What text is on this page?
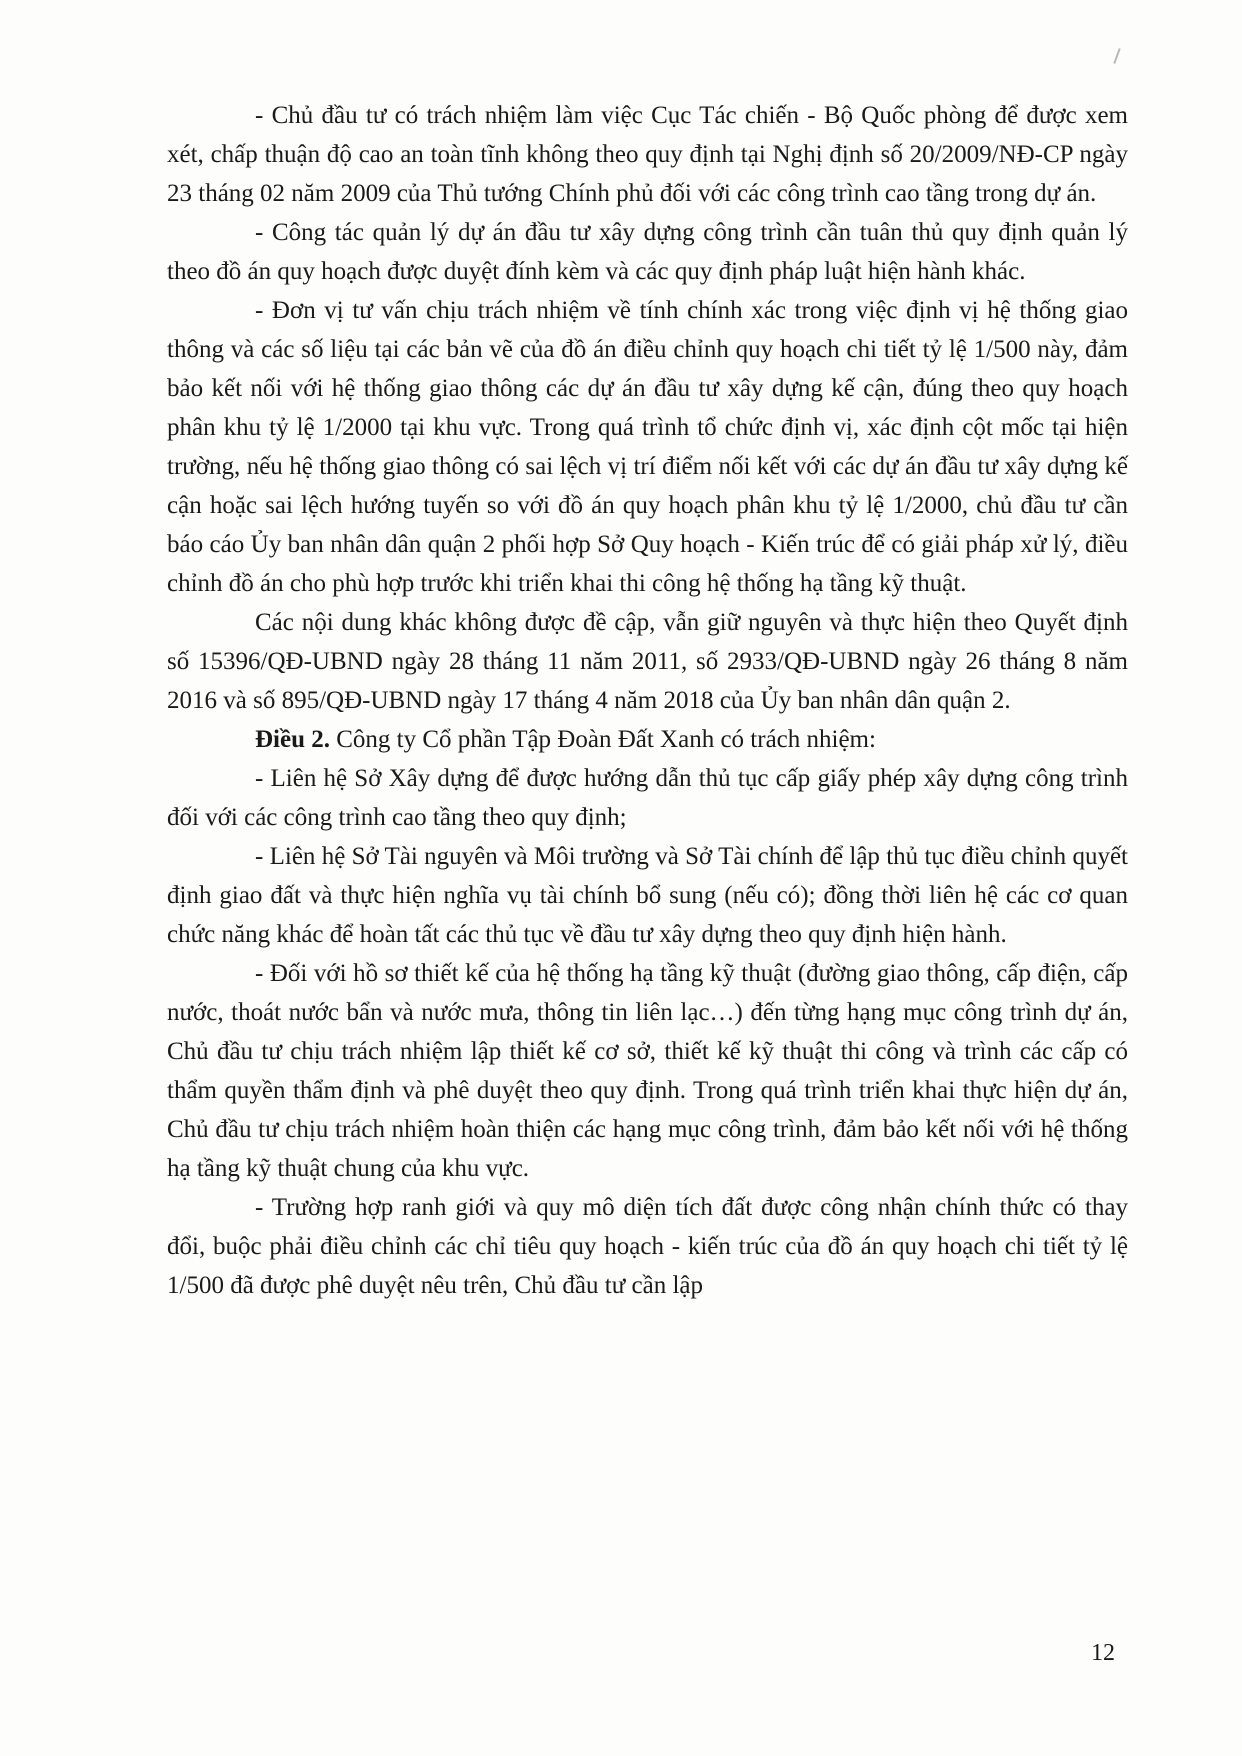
- Chủ đầu tư có trách nhiệm làm việc Cục Tác chiến - Bộ Quốc phòng để được xem xét, chấp thuận độ cao an toàn tĩnh không theo quy định tại Nghị định số 20/2009/NĐ-CP ngày 23 tháng 02 năm 2009 của Thủ tướng Chính phủ đối với các công trình cao tầng trong dự án.

- Công tác quản lý dự án đầu tư xây dựng công trình cần tuân thủ quy định quản lý theo đồ án quy hoạch được duyệt đính kèm và các quy định pháp luật hiện hành khác.

- Đơn vị tư vấn chịu trách nhiệm về tính chính xác trong việc định vị hệ thống giao thông và các số liệu tại các bản vẽ của đồ án điều chỉnh quy hoạch chi tiết tỷ lệ 1/500 này, đảm bảo kết nối với hệ thống giao thông các dự án đầu tư xây dựng kế cận, đúng theo quy hoạch phân khu tỷ lệ 1/2000 tại khu vực. Trong quá trình tổ chức định vị, xác định cột mốc tại hiện trường, nếu hệ thống giao thông có sai lệch vị trí điểm nối kết với các dự án đầu tư xây dựng kế cận hoặc sai lệch hướng tuyến so với đồ án quy hoạch phân khu tỷ lệ 1/2000, chủ đầu tư cần báo cáo Ủy ban nhân dân quận 2 phối hợp Sở Quy hoạch - Kiến trúc để có giải pháp xử lý, điều chỉnh đồ án cho phù hợp trước khi triển khai thi công hệ thống hạ tầng kỹ thuật.

Các nội dung khác không được đề cập, vẫn giữ nguyên và thực hiện theo Quyết định số 15396/QĐ-UBND ngày 28 tháng 11 năm 2011, số 2933/QĐ-UBND ngày 26 tháng 8 năm 2016 và số 895/QĐ-UBND ngày 17 tháng 4 năm 2018 của Ủy ban nhân dân quận 2.

Điều 2. Công ty Cổ phần Tập Đoàn Đất Xanh có trách nhiệm:

- Liên hệ Sở Xây dựng để được hướng dẫn thủ tục cấp giấy phép xây dựng công trình đối với các công trình cao tầng theo quy định;

- Liên hệ Sở Tài nguyên và Môi trường và Sở Tài chính để lập thủ tục điều chỉnh quyết định giao đất và thực hiện nghĩa vụ tài chính bổ sung (nếu có); đồng thời liên hệ các cơ quan chức năng khác để hoàn tất các thủ tục về đầu tư xây dựng theo quy định hiện hành.

- Đối với hồ sơ thiết kế của hệ thống hạ tầng kỹ thuật (đường giao thông, cấp điện, cấp nước, thoát nước bẩn và nước mưa, thông tin liên lạc…) đến từng hạng mục công trình dự án, Chủ đầu tư chịu trách nhiệm lập thiết kế cơ sở, thiết kế kỹ thuật thi công và trình các cấp có thẩm quyền thẩm định và phê duyệt theo quy định. Trong quá trình triển khai thực hiện dự án, Chủ đầu tư chịu trách nhiệm hoàn thiện các hạng mục công trình, đảm bảo kết nối với hệ thống hạ tầng kỹ thuật chung của khu vực.

- Trường hợp ranh giới và quy mô diện tích đất được công nhận chính thức có thay đổi, buộc phải điều chỉnh các chỉ tiêu quy hoạch - kiến trúc của đồ án quy hoạch chi tiết tỷ lệ 1/500 đã được phê duyệt nêu trên, Chủ đầu tư cần lập

12
